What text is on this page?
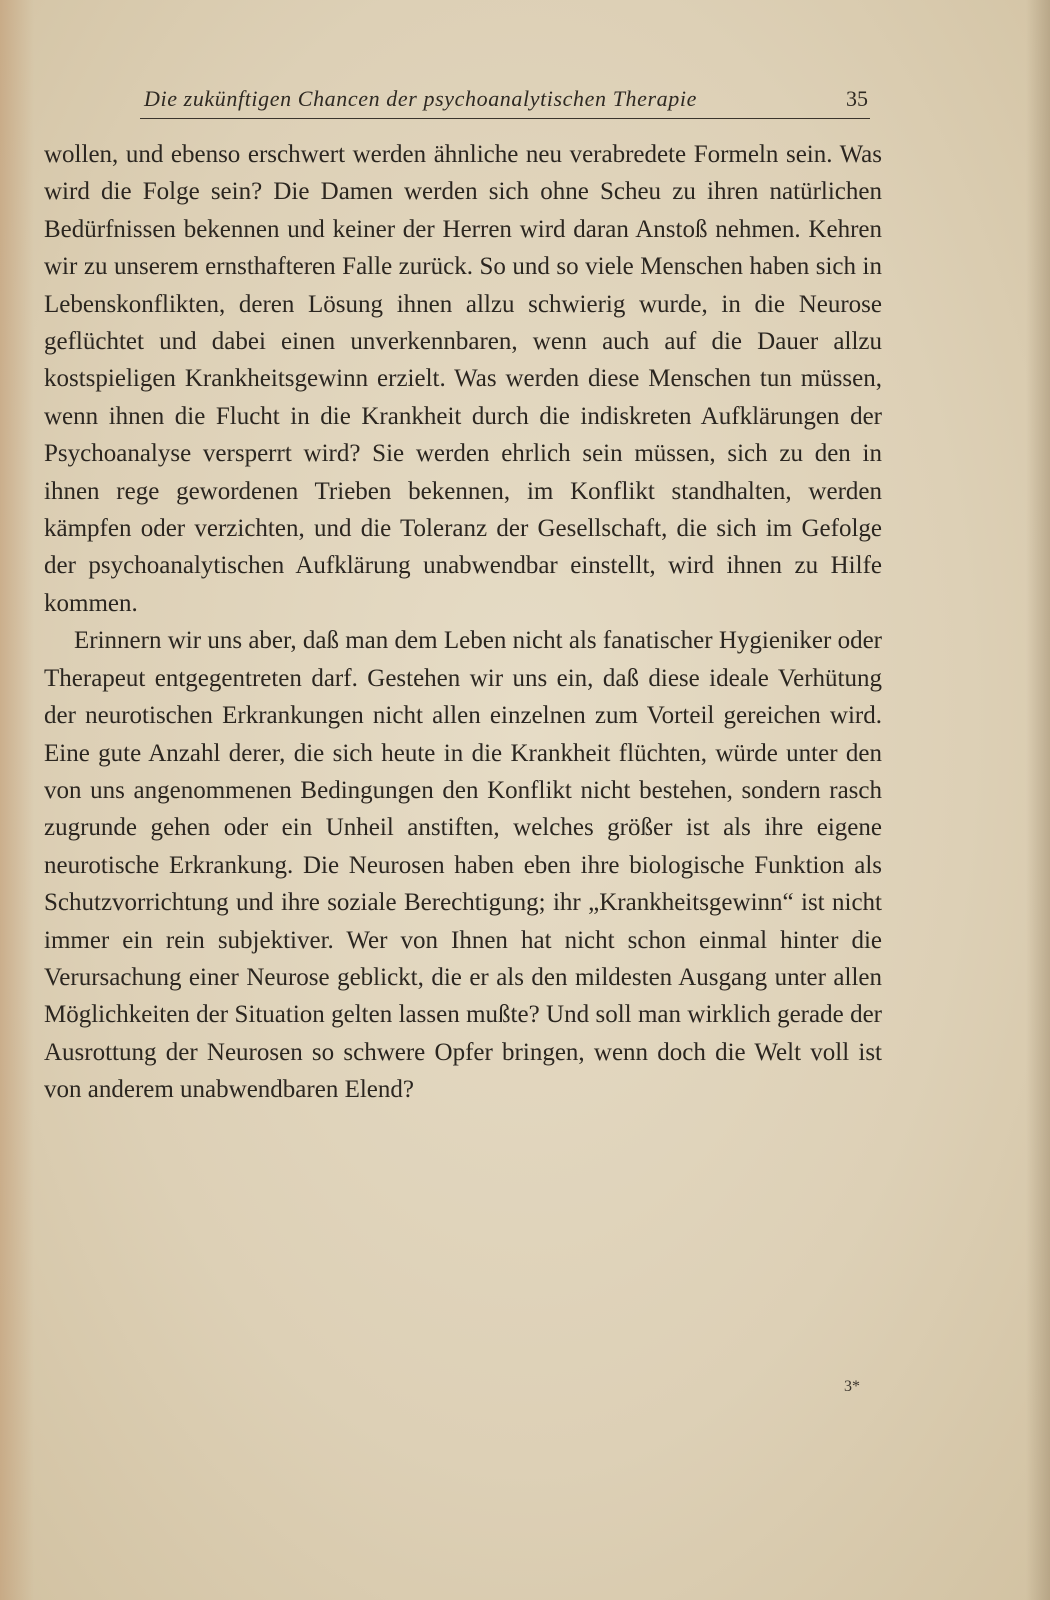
Die zukünftigen Chancen der psychoanalytischen Therapie	35

wollen, und ebenso erschwert werden ähnliche neu verabredete Formeln sein. Was wird die Folge sein? Die Damen werden sich ohne Scheu zu ihren natürlichen Bedürfnissen bekennen und keiner der Herren wird daran Anstoß nehmen. Kehren wir zu unserem ernsthafteren Falle zurück. So und so viele Menschen haben sich in Lebenskonflikten, deren Lösung ihnen allzu schwierig wurde, in die Neurose geflüchtet und dabei einen unverkennbaren, wenn auch auf die Dauer allzu kostspieligen Krankheitsgewinn erzielt. Was werden diese Menschen tun müssen, wenn ihnen die Flucht in die Krankheit durch die indiskreten Aufklärungen der Psychoanalyse versperrt wird? Sie werden ehrlich sein müssen, sich zu den in ihnen rege gewordenen Trieben bekennen, im Konflikt standhalten, werden kämpfen oder verzichten, und die Toleranz der Gesellschaft, die sich im Gefolge der psychoanalytischen Aufklärung unabwendbar einstellt, wird ihnen zu Hilfe kommen.

Erinnern wir uns aber, daß man dem Leben nicht als fanatischer Hygieniker oder Therapeut entgegentreten darf. Gestehen wir uns ein, daß diese ideale Verhütung der neurotischen Erkrankungen nicht allen einzelnen zum Vorteil gereichen wird. Eine gute Anzahl derer, die sich heute in die Krankheit flüchten, würde unter den von uns angenommenen Bedingungen den Konflikt nicht bestehen, sondern rasch zugrunde gehen oder ein Unheil anstiften, welches größer ist als ihre eigene neurotische Erkrankung. Die Neurosen haben eben ihre biologische Funktion als Schutzvorrichtung und ihre soziale Berechtigung; ihr „Krankheitsgewinn“ ist nicht immer ein rein subjektiver. Wer von Ihnen hat nicht schon einmal hinter die Verursachung einer Neurose geblickt, die er als den mildesten Ausgang unter allen Möglichkeiten der Situation gelten lassen mußte? Und soll man wirklich gerade der Ausrottung der Neurosen so schwere Opfer bringen, wenn doch die Welt voll ist von anderem unabwendbaren Elend?

3*
